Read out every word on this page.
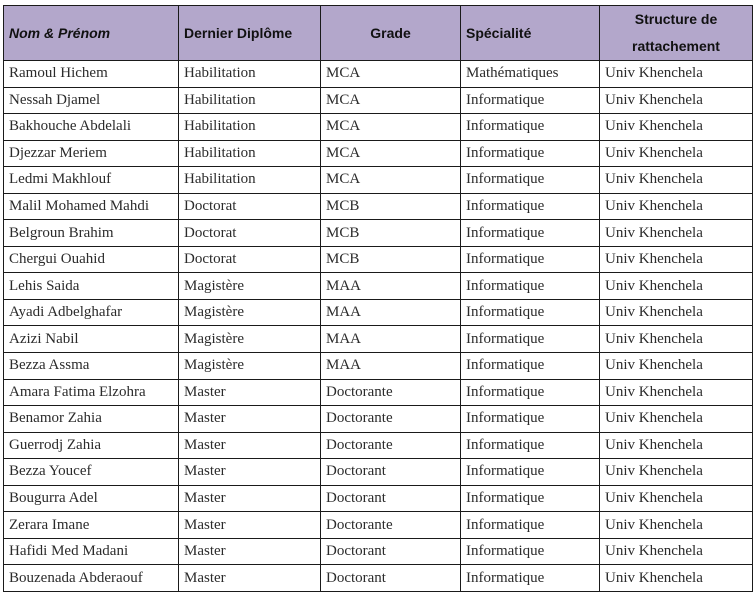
Nom & Prénom	Dernier Diplôme	Grade	Spécialité	Structure de rattachement
Ramoul Hichem	Habilitation	MCA	Mathématiques	Univ Khenchela
Nessah Djamel	Habilitation	MCA	Informatique	Univ Khenchela
Bakhouche Abdelali	Habilitation	MCA	Informatique	Univ Khenchela
Djezzar Meriem	Habilitation	MCA	Informatique	Univ Khenchela
Ledmi Makhlouf	Habilitation	MCA	Informatique	Univ Khenchela
Malil Mohamed Mahdi	Doctorat	MCB	Informatique	Univ Khenchela
Belgroun Brahim	Doctorat	MCB	Informatique	Univ Khenchela
Chergui Ouahid	Doctorat	MCB	Informatique	Univ Khenchela
Lehis Saida	Magistère	MAA	Informatique	Univ Khenchela
Ayadi Adbelghafar	Magistère	MAA	Informatique	Univ Khenchela
Azizi Nabil	Magistère	MAA	Informatique	Univ Khenchela
Bezza Assma	Magistère	MAA	Informatique	Univ Khenchela
Amara Fatima Elzohra	Master	Doctorante	Informatique	Univ Khenchela
Benamor Zahia	Master	Doctorante	Informatique	Univ Khenchela
Guerrodj Zahia	Master	Doctorante	Informatique	Univ Khenchela
Bezza Youcef	Master	Doctorant	Informatique	Univ Khenchela
Bougurra Adel	Master	Doctorant	Informatique	Univ Khenchela
Zerara Imane	Master	Doctorante	Informatique	Univ Khenchela
Hafidi Med Madani	Master	Doctorant	Informatique	Univ Khenchela
Bouzenada Abderaouf	Master	Doctorant	Informatique	Univ Khenchela
